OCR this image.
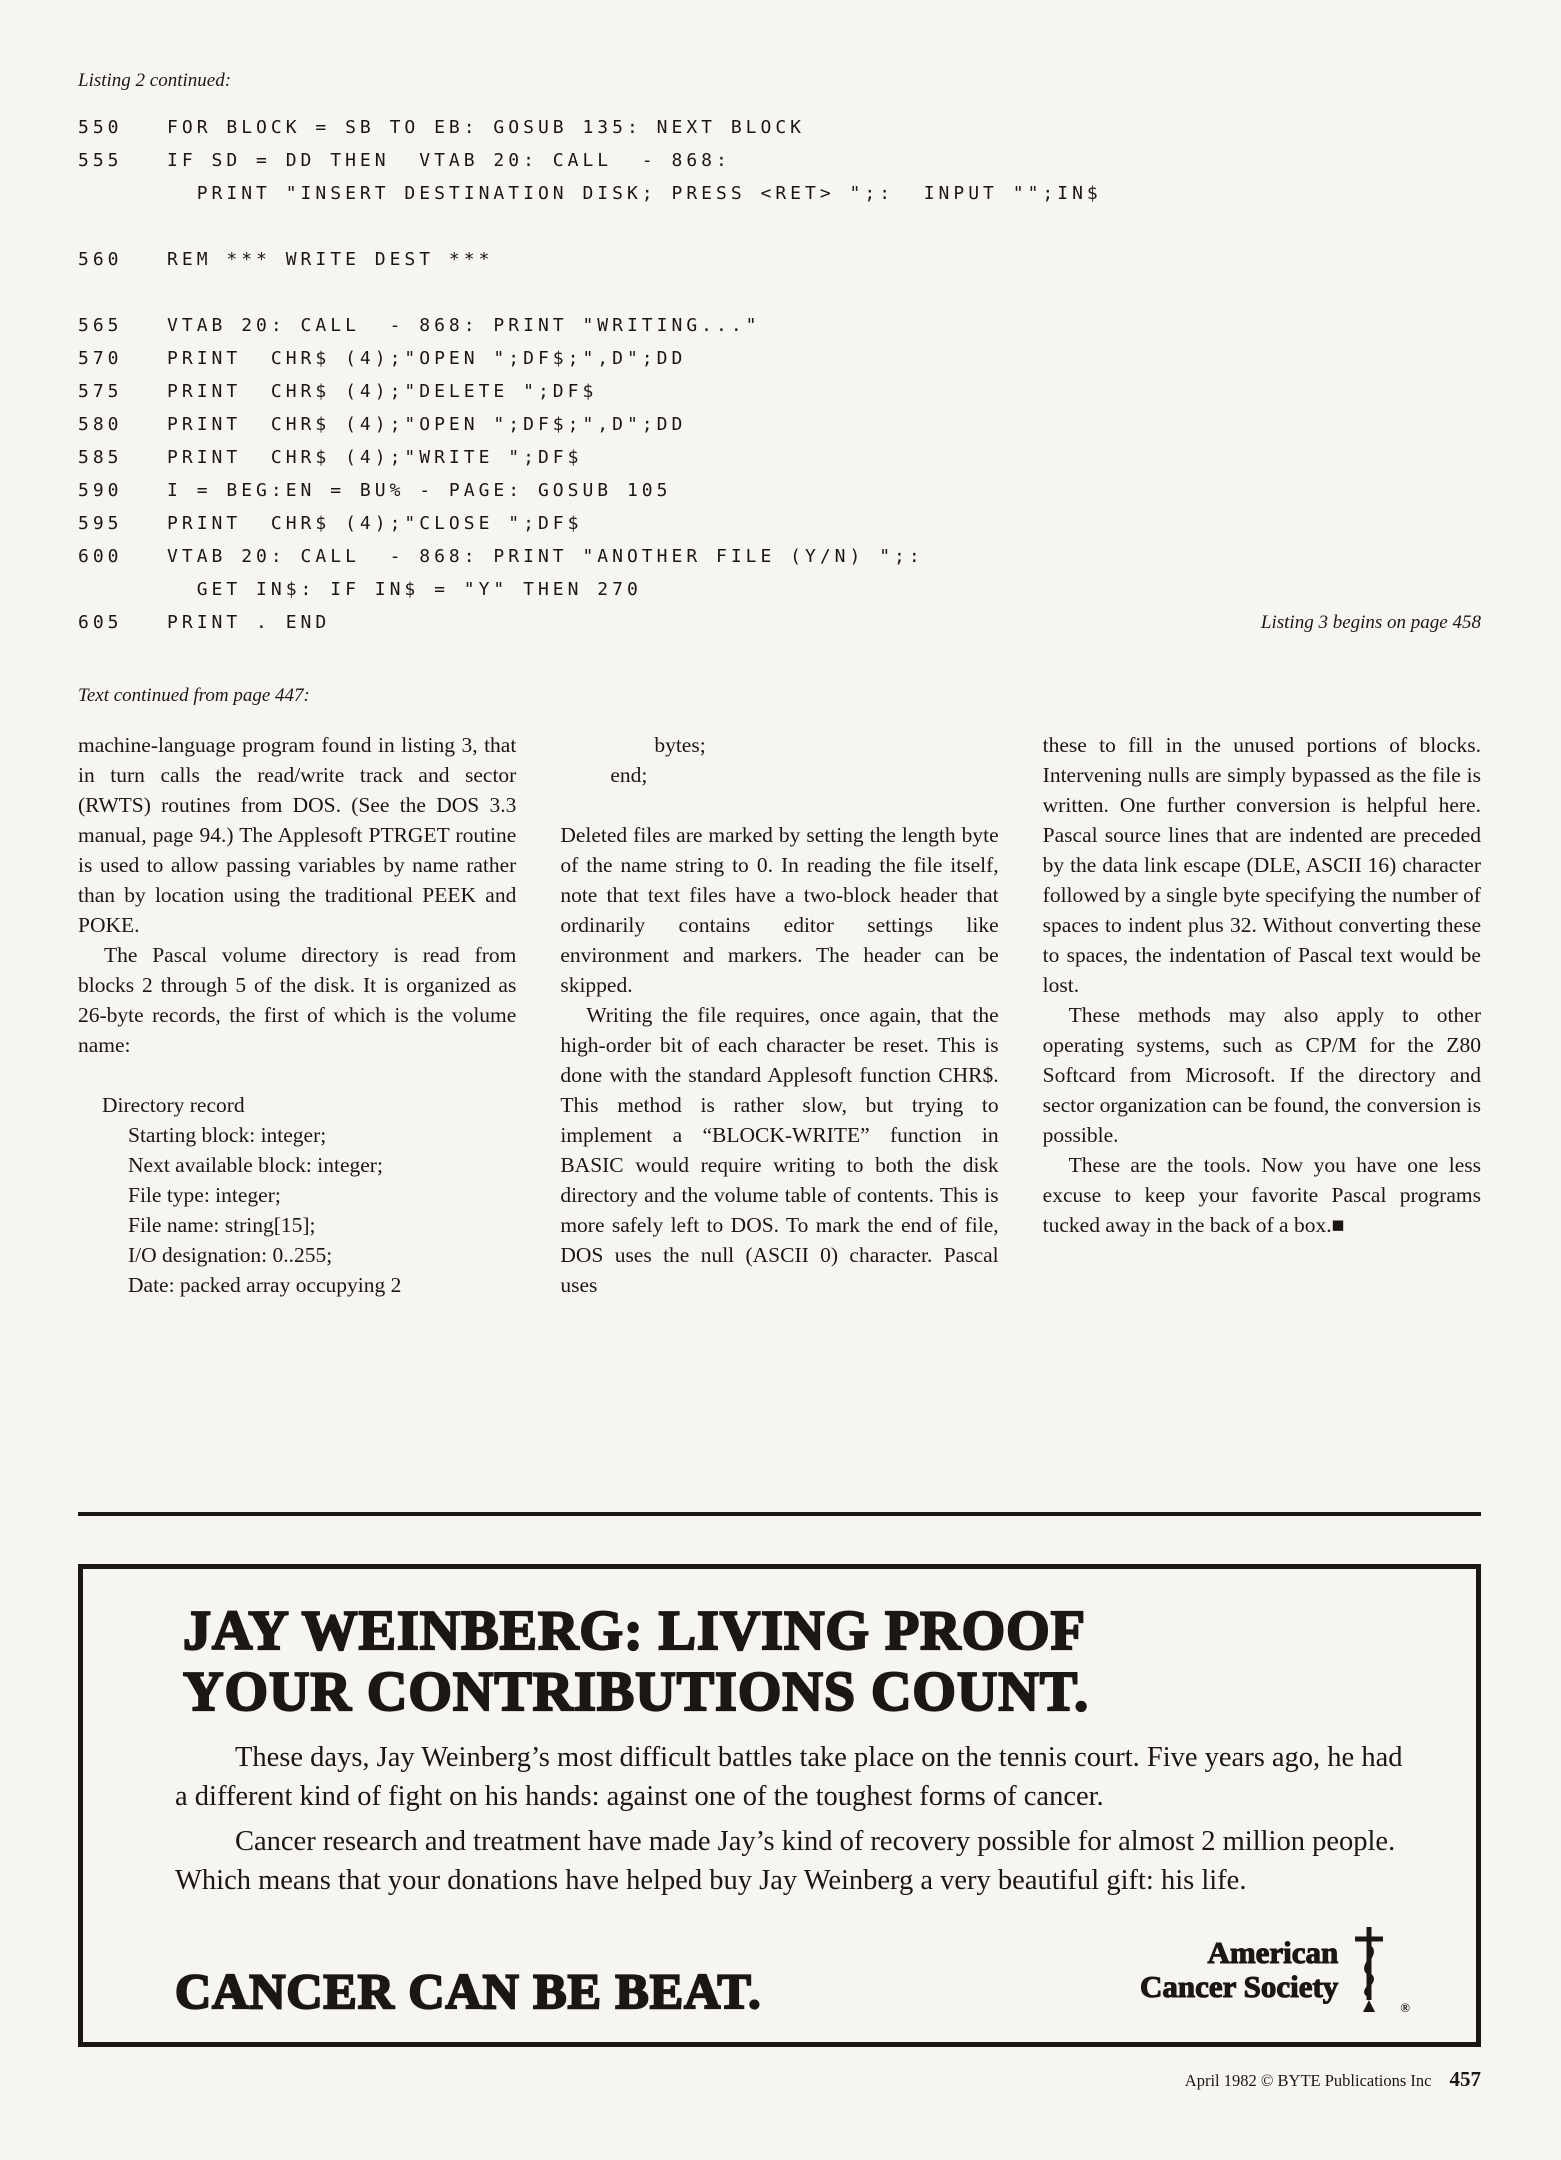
Listing 2 continued:
550   FOR BLOCK = SB TO EB: GOSUB 135: NEXT BLOCK
555   IF SD = DD THEN  VTAB 20: CALL  - 868:
PRINT "INSERT DESTINATION DISK; PRESS <RET> ";:  INPUT "";IN$
560   REM *** WRITE DEST ***
565   VTAB 20: CALL  - 868: PRINT "WRITING..."
570   PRINT  CHR$ (4);"OPEN ";DF$;",D";DD
575   PRINT  CHR$ (4);"DELETE ";DF$
580   PRINT  CHR$ (4);"OPEN ";DF$;",D";DD
585   PRINT  CHR$ (4);"WRITE ";DF$
590   I = BEG:EN = BU% - PAGE: GOSUB 105
595   PRINT  CHR$ (4);"CLOSE ";DF$
600   VTAB 20: CALL  - 868: PRINT "ANOTHER FILE (Y/N) ";:
GET IN$: IF IN$ = "Y" THEN 270
605   PRINT . END	Listing 3 begins on page 458
Text continued from page 447:
machine-language program found in listing 3, that in turn calls the read/write track and sector (RWTS) routines from DOS. (See the DOS 3.3 manual, page 94.) The Applesoft PTRGET routine is used to allow passing variables by name rather than by location using the traditional PEEK and POKE.
The Pascal volume directory is read from blocks 2 through 5 of the disk. It is organized as 26-byte records, the first of which is the volume name:
Directory record
Starting block: integer;
Next available block: integer;
File type: integer;
File name: string[15];
I/O designation: 0..255;
Date: packed array occupying 2
bytes;
end;
Deleted files are marked by setting the length byte of the name string to 0. In reading the file itself, note that text files have a two-block header that ordinarily contains editor settings like environment and markers. The header can be skipped.
Writing the file requires, once again, that the high-order bit of each character be reset. This is done with the standard Applesoft function CHR$. This method is rather slow, but trying to implement a “BLOCK-WRITE” function in BASIC would require writing to both the disk directory and the volume table of contents. This is more safely left to DOS. To mark the end of file, DOS uses the null (ASCII 0) character. Pascal uses
these to fill in the unused portions of blocks. Intervening nulls are simply bypassed as the file is written. One further conversion is helpful here. Pascal source lines that are indented are preceded by the data link escape (DLE, ASCII 16) character followed by a single byte specifying the number of spaces to indent plus 32. Without converting these to spaces, the indentation of Pascal text would be lost.
These methods may also apply to other operating systems, such as CP/M for the Z80 Softcard from Microsoft. If the directory and sector organization can be found, the conversion is possible.
These are the tools. Now you have one less excuse to keep your favorite Pascal programs tucked away in the back of a box.■
JAY WEINBERG: LIVING PROOF
YOUR CONTRIBUTIONS COUNT.

These days, Jay Weinberg’s most difficult battles take place on the tennis court. Five years ago, he had a different kind of fight on his hands: against one of the toughest forms of cancer.

Cancer research and treatment have made Jay’s kind of recovery possible for almost 2 million people. Which means that your donations have helped buy Jay Weinberg a very beautiful gift: his life.

CANCER CAN BE BEAT.
American
Cancer Society
®
April 1982 © BYTE Publications Inc 457
